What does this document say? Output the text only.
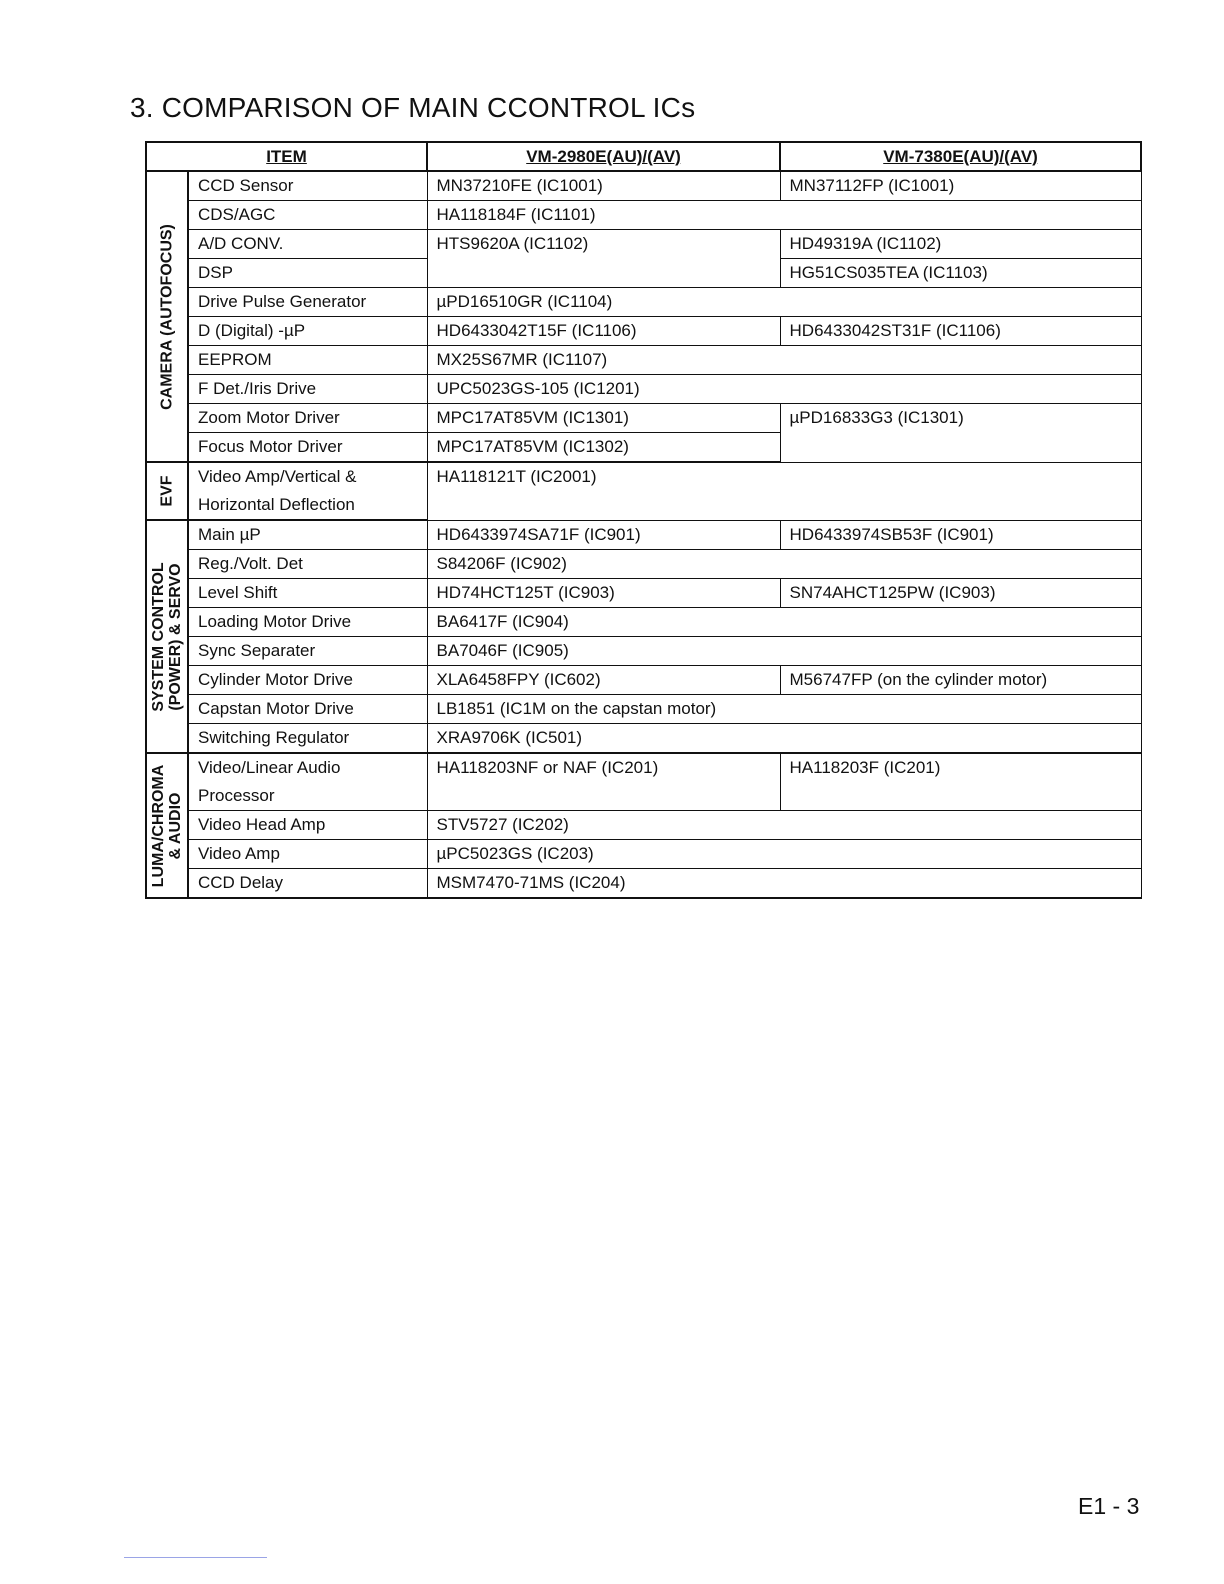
3. COMPARISON OF MAIN CCONTROL ICs
ITEM		VM-2980E(AU)/(AV)	VM-7380E(AU)/(AV)

CAMERA (AUTOFOCUS)	CCD Sensor	MN37210FE (IC1001)	MN37112FP (IC1001)
	CDS/AGC	HA118184F (IC1101)	
	A/D CONV.	HTS9620A (IC1102)	HD49319A (IC1102)
	DSP		HG51CS035TEA (IC1103)
	Drive Pulse Generator	µPD16510GR (IC1104)	
	D (Digital) -µP	HD6433042T15F (IC1106)	HD6433042ST31F (IC1106)
	EEPROM	MX25S67MR (IC1107)	
	F Det./Iris Drive	UPC5023GS-105 (IC1201)	
	Zoom Motor Driver	MPC17AT85VM (IC1301)	µPD16833G3 (IC1301)
	Focus Motor Driver	MPC17AT85VM (IC1302)	

EVF	Video Amp/Vertical &	HA118121T (IC2001)	
	Horizontal Deflection		

SYSTEM CONTROL (POWER) & SERVO	Main µP	HD6433974SA71F (IC901)	HD6433974SB53F (IC901)
	Reg./Volt. Det	S84206F (IC902)	
	Level Shift	HD74HCT125T (IC903)	SN74AHCT125PW (IC903)
	Loading Motor Drive	BA6417F (IC904)	
	Sync Separater	BA7046F (IC905)	
	Cylinder Motor Drive	XLA6458FPY (IC602)	M56747FP (on the cylinder motor)
	Capstan Motor Drive	LB1851 (IC1M on the capstan motor)	
	Switching Regulator	XRA9706K (IC501)	

LUMA/CHROMA & AUDIO	Video/Linear Audio	HA118203NF or NAF (IC201)	HA118203F (IC201)
	Processor		
	Video Head Amp	STV5727 (IC202)	
	Video Amp	µPC5023GS (IC203)	
	CCD Delay	MSM7470-71MS (IC204)	
E1 - 3
